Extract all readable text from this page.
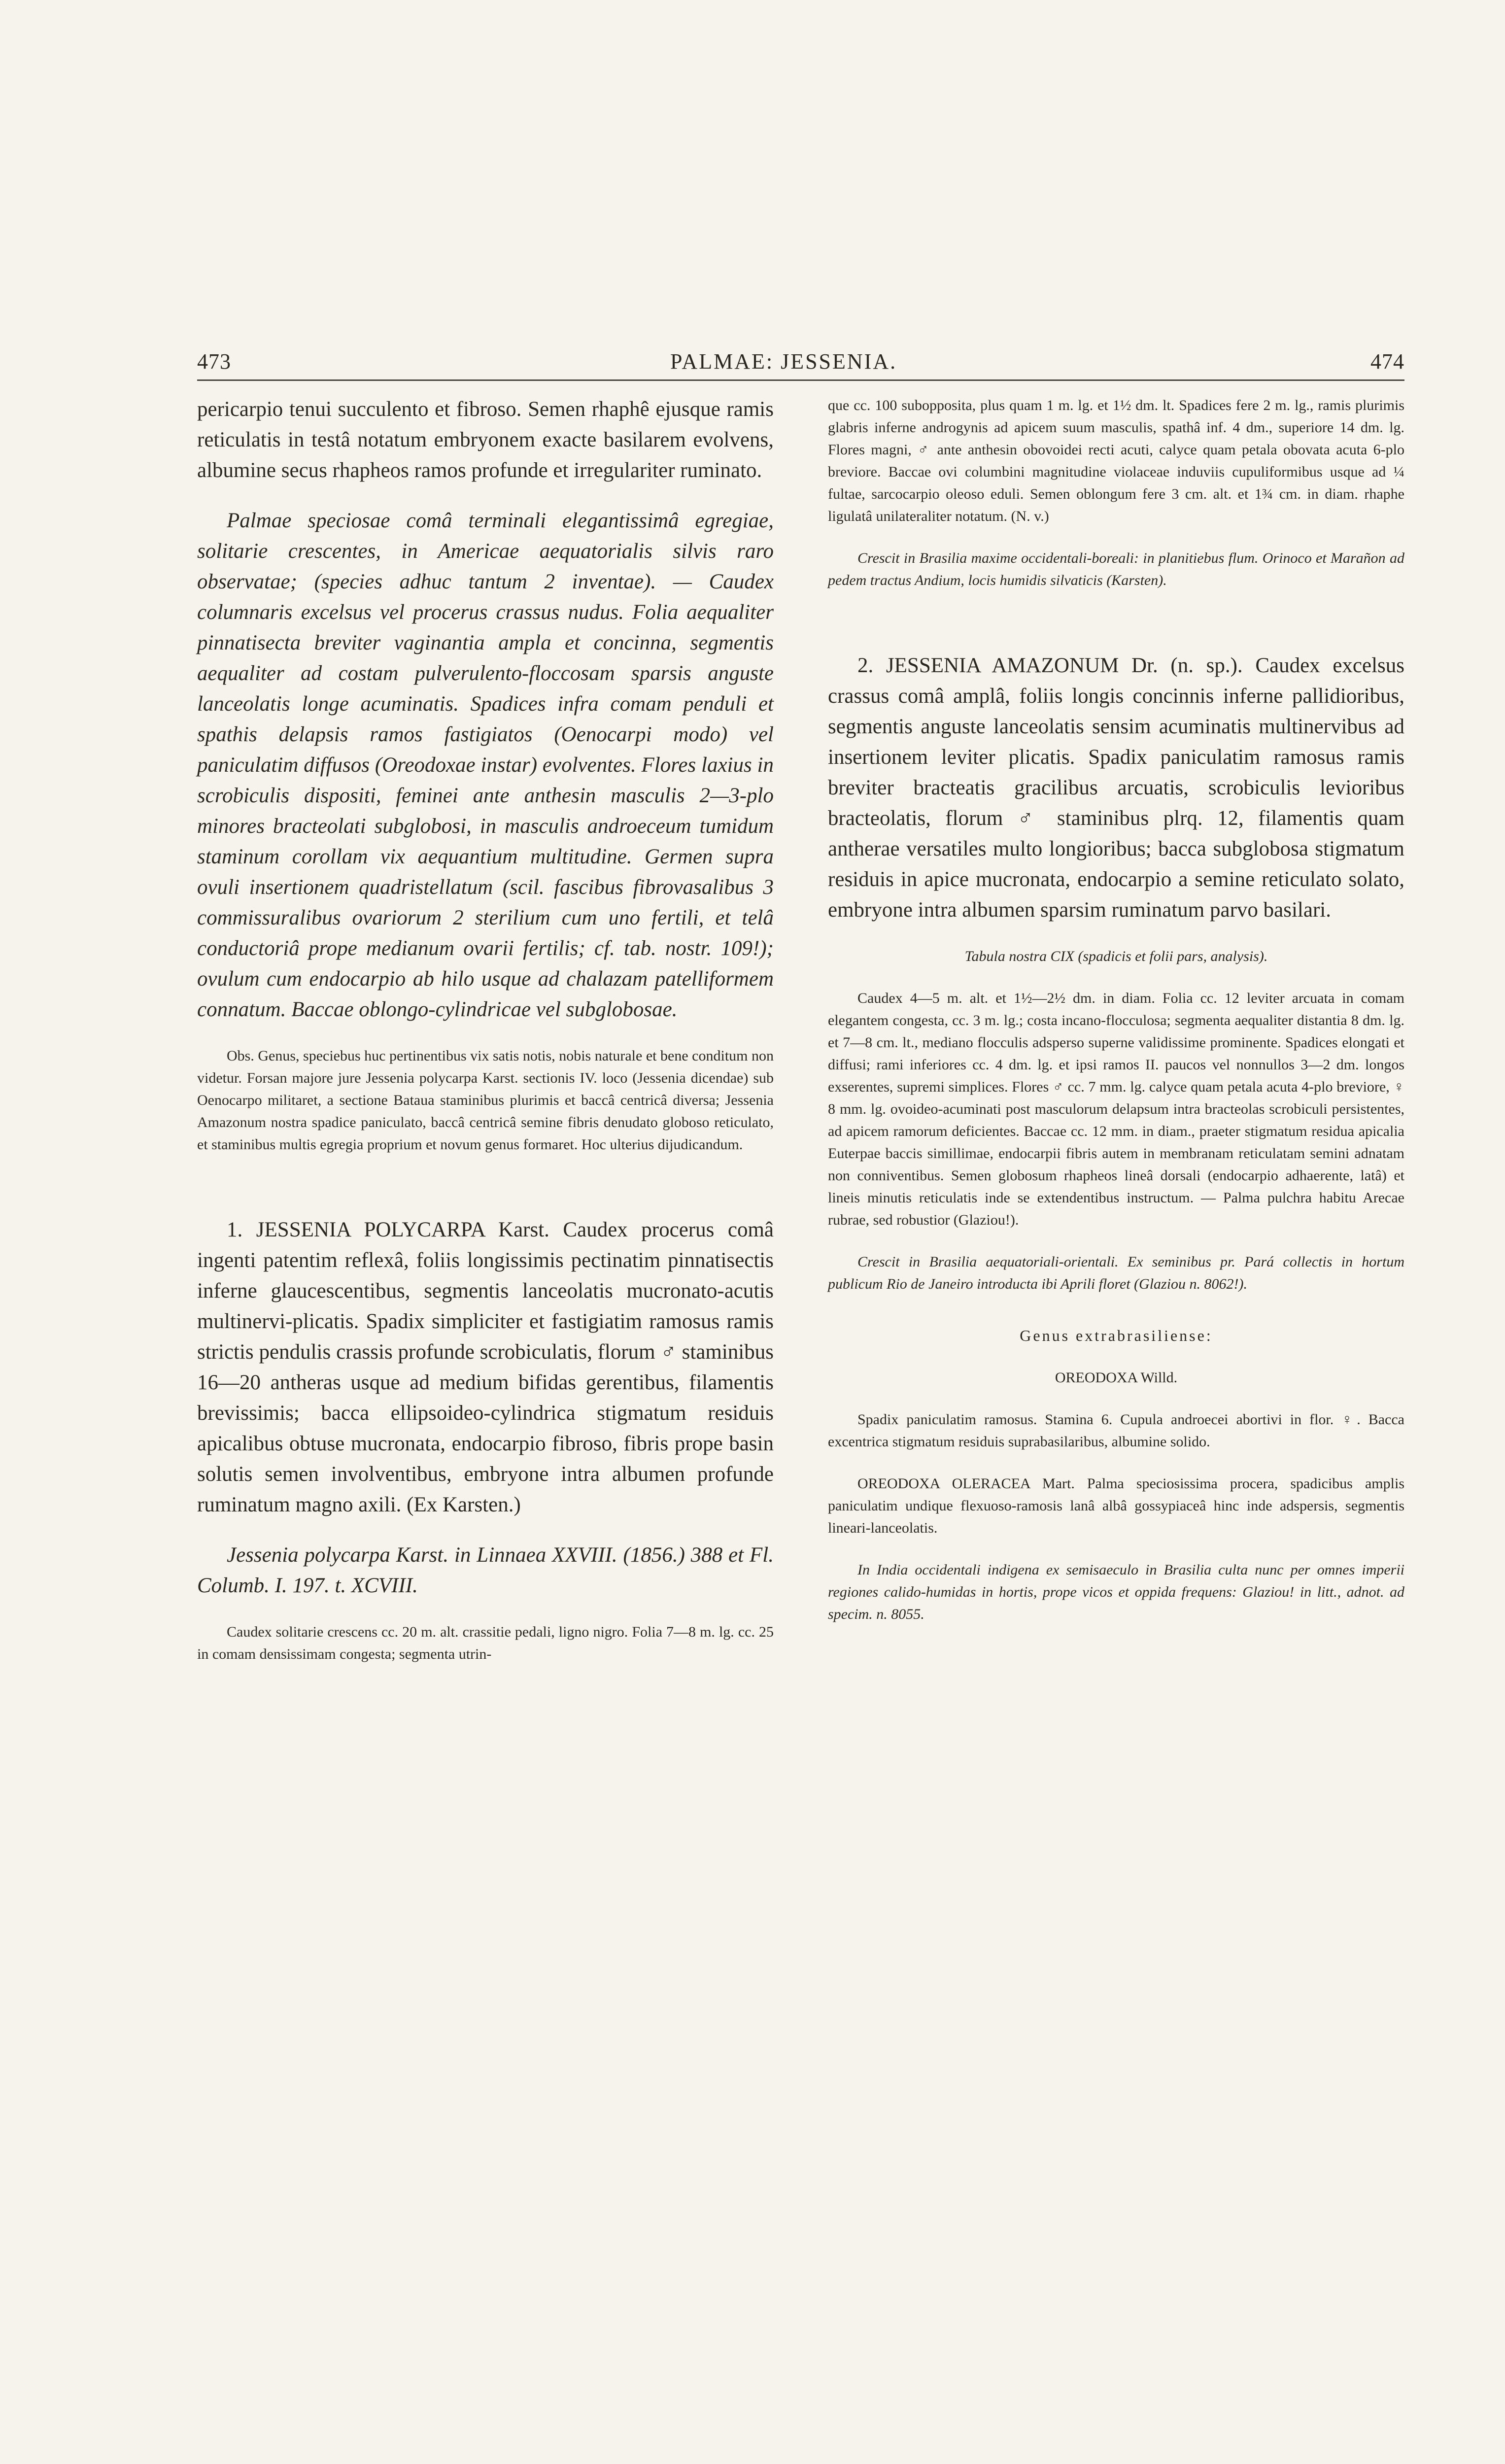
473	PALMAE: JESSENIA.	474

pericarpio tenui succulento et fibroso. Semen rhaphê ejusque ramis reticulatis in testâ notatum embryonem exacte basilarem evolvens, albumine secus rhapheos ramos profunde et irregulariter ruminato.

Palmae speciosae comâ terminali elegantissimâ egregiae, solitarie crescentes, in Americae aequatorialis silvis raro observatae; (species adhuc tantum 2 inventae). — Caudex columnaris excelsus vel procerus crassus nudus. Folia aequaliter pinnatisecta breviter vaginantia ampla et concinna, segmentis aequaliter ad costam pulverulento-floccosam sparsis anguste lanceolatis longe acuminatis. Spadices infra comam penduli et spathis delapsis ramos fastigiatos (Oenocarpi modo) vel paniculatim diffusos (Oreodoxae instar) evolventes. Flores laxius in scrobiculis dispositi, feminei ante anthesin masculis 2—3-plo minores bracteolati subglobosi, in masculis androeceum tumidum staminum corollam vix aequantium multitudine. Germen supra ovuli insertionem quadristellatum (scil. fascibus fibrovasalibus 3 commissuralibus ovariorum 2 sterilium cum uno fertili, et telâ conductoriâ prope medianum ovarii fertilis; cf. tab. nostr. 109!); ovulum cum endocarpio ab hilo usque ad chalazam patelliformem connatum. Baccae oblongo-cylindricae vel subglobosae.

Obs. Genus, speciebus huc pertinentibus vix satis notis, nobis naturale et bene conditum non videtur. Forsan majore jure Jessenia polycarpa Karst. sectionis IV. loco (Jessenia dicendae) sub Oenocarpo militaret, a sectione Bataua staminibus plurimis et baccâ centricâ diversa; Jessenia Amazonum nostra spadice paniculato, baccâ centricâ semine fibris denudato globoso reticulato, et staminibus multis egregia proprium et novum genus formaret. Hoc ulterius dijudicandum.

1. JESSENIA POLYCARPA Karst. Caudex procerus comâ ingenti patentim reflexâ, foliis longissimis pectinatim pinnatisectis inferne glaucescentibus, segmentis lanceolatis mucronato-acutis multinervi-plicatis. Spadix simpliciter et fastigiatim ramosus ramis strictis pendulis crassis profunde scrobiculatis, florum ♂ staminibus 16—20 antheras usque ad medium bifidas gerentibus, filamentis brevissimis; bacca ellipsoideo-cylindrica stigmatum residuis apicalibus obtuse mucronata, endocarpio fibroso, fibris prope basin solutis semen involventibus, embryone intra albumen profunde ruminatum magno axili. (Ex Karsten.)

Jessenia polycarpa Karst. in Linnaea XXVIII. (1856.) 388 et Fl. Columb. I. 197. t. XCVIII.

Caudex solitarie crescens cc. 20 m. alt. crassitie pedali, ligno nigro. Folia 7—8 m. lg. cc. 25 in comam densissimam congesta; segmenta utrin-

que cc. 100 subopposita, plus quam 1 m. lg. et 1½ dm. lt. Spadices fere 2 m. lg., ramis plurimis glabris inferne androgynis ad apicem suum masculis, spathâ inf. 4 dm., superiore 14 dm. lg. Flores magni, ♂ ante anthesin obovoidei recti acuti, calyce quam petala obovata acuta 6-plo breviore. Baccae ovi columbini magnitudine violaceae induviis cupuliformibus usque ad ¼ fultae, sarcocarpio oleoso eduli. Semen oblongum fere 3 cm. alt. et 1¾ cm. in diam. rhaphe ligulatâ unilateraliter notatum. (N. v.)

Crescit in Brasilia maxime occidentali-boreali: in planitiebus flum. Orinoco et Marañon ad pedem tractus Andium, locis humidis silvaticis (Karsten).

2. JESSENIA AMAZONUM Dr. (n. sp.). Caudex excelsus crassus comâ amplâ, foliis longis concinnis inferne pallidioribus, segmentis anguste lanceolatis sensim acuminatis multinervibus ad insertionem leviter plicatis. Spadix paniculatim ramosus ramis breviter bracteatis gracilibus arcuatis, scrobiculis levioribus bracteolatis, florum ♂ staminibus plrq. 12, filamentis quam antherae versatiles multo longioribus; bacca subglobosa stigmatum residuis in apice mucronata, endocarpio a semine reticulato solato, embryone intra albumen sparsim ruminatum parvo basilari.

Tabula nostra CIX (spadicis et folii pars, analysis).

Caudex 4—5 m. alt. et 1½—2½ dm. in diam. Folia cc. 12 leviter arcuata in comam elegantem congesta, cc. 3 m. lg.; costa incano-flocculosa; segmenta aequaliter distantia 8 dm. lg. et 7—8 cm. lt., mediano flocculis adsperso superne validissime prominente. Spadices elongati et diffusi; rami inferiores cc. 4 dm. lg. et ipsi ramos II. paucos vel nonnullos 3—2 dm. longos exserentes, supremi simplices. Flores ♂ cc. 7 mm. lg. calyce quam petala acuta 4-plo breviore, ♀ 8 mm. lg. ovoideo-acuminati post masculorum delapsum intra bracteolas scrobiculi persistentes, ad apicem ramorum deficientes. Baccae cc. 12 mm. in diam., praeter stigmatum residua apicalia Euterpae baccis simillimae, endocarpii fibris autem in membranam reticulatam semini adnatam non conniventibus. Semen globosum rhapheos lineâ dorsali (endocarpio adhaerente, latâ) et lineis minutis reticulatis inde se extendentibus instructum. — Palma pulchra habitu Arecae rubrae, sed robustior (Glaziou!).

Crescit in Brasilia aequatoriali-orientali. Ex seminibus pr. Pará collectis in hortum publicum Rio de Janeiro introducta ibi Aprili floret (Glaziou n. 8062!).

Genus extrabrasiliense:

OREODOXA Willd.

Spadix paniculatim ramosus. Stamina 6. Cupula androecei abortivi in flor. ♀. Bacca excentrica stigmatum residuis suprabasilaribus, albumine solido.

OREODOXA OLERACEA Mart. Palma speciosissima procera, spadicibus amplis paniculatim undique flexuoso-ramosis lanâ albâ gossypiaceâ hinc inde adspersis, segmentis lineari-lanceolatis.

In India occidentali indigena ex semisaeculo in Brasilia culta nunc per omnes imperii regiones calido-humidas in hortis, prope vicos et oppida frequens: Glaziou! in litt., adnot. ad specim. n. 8055.
